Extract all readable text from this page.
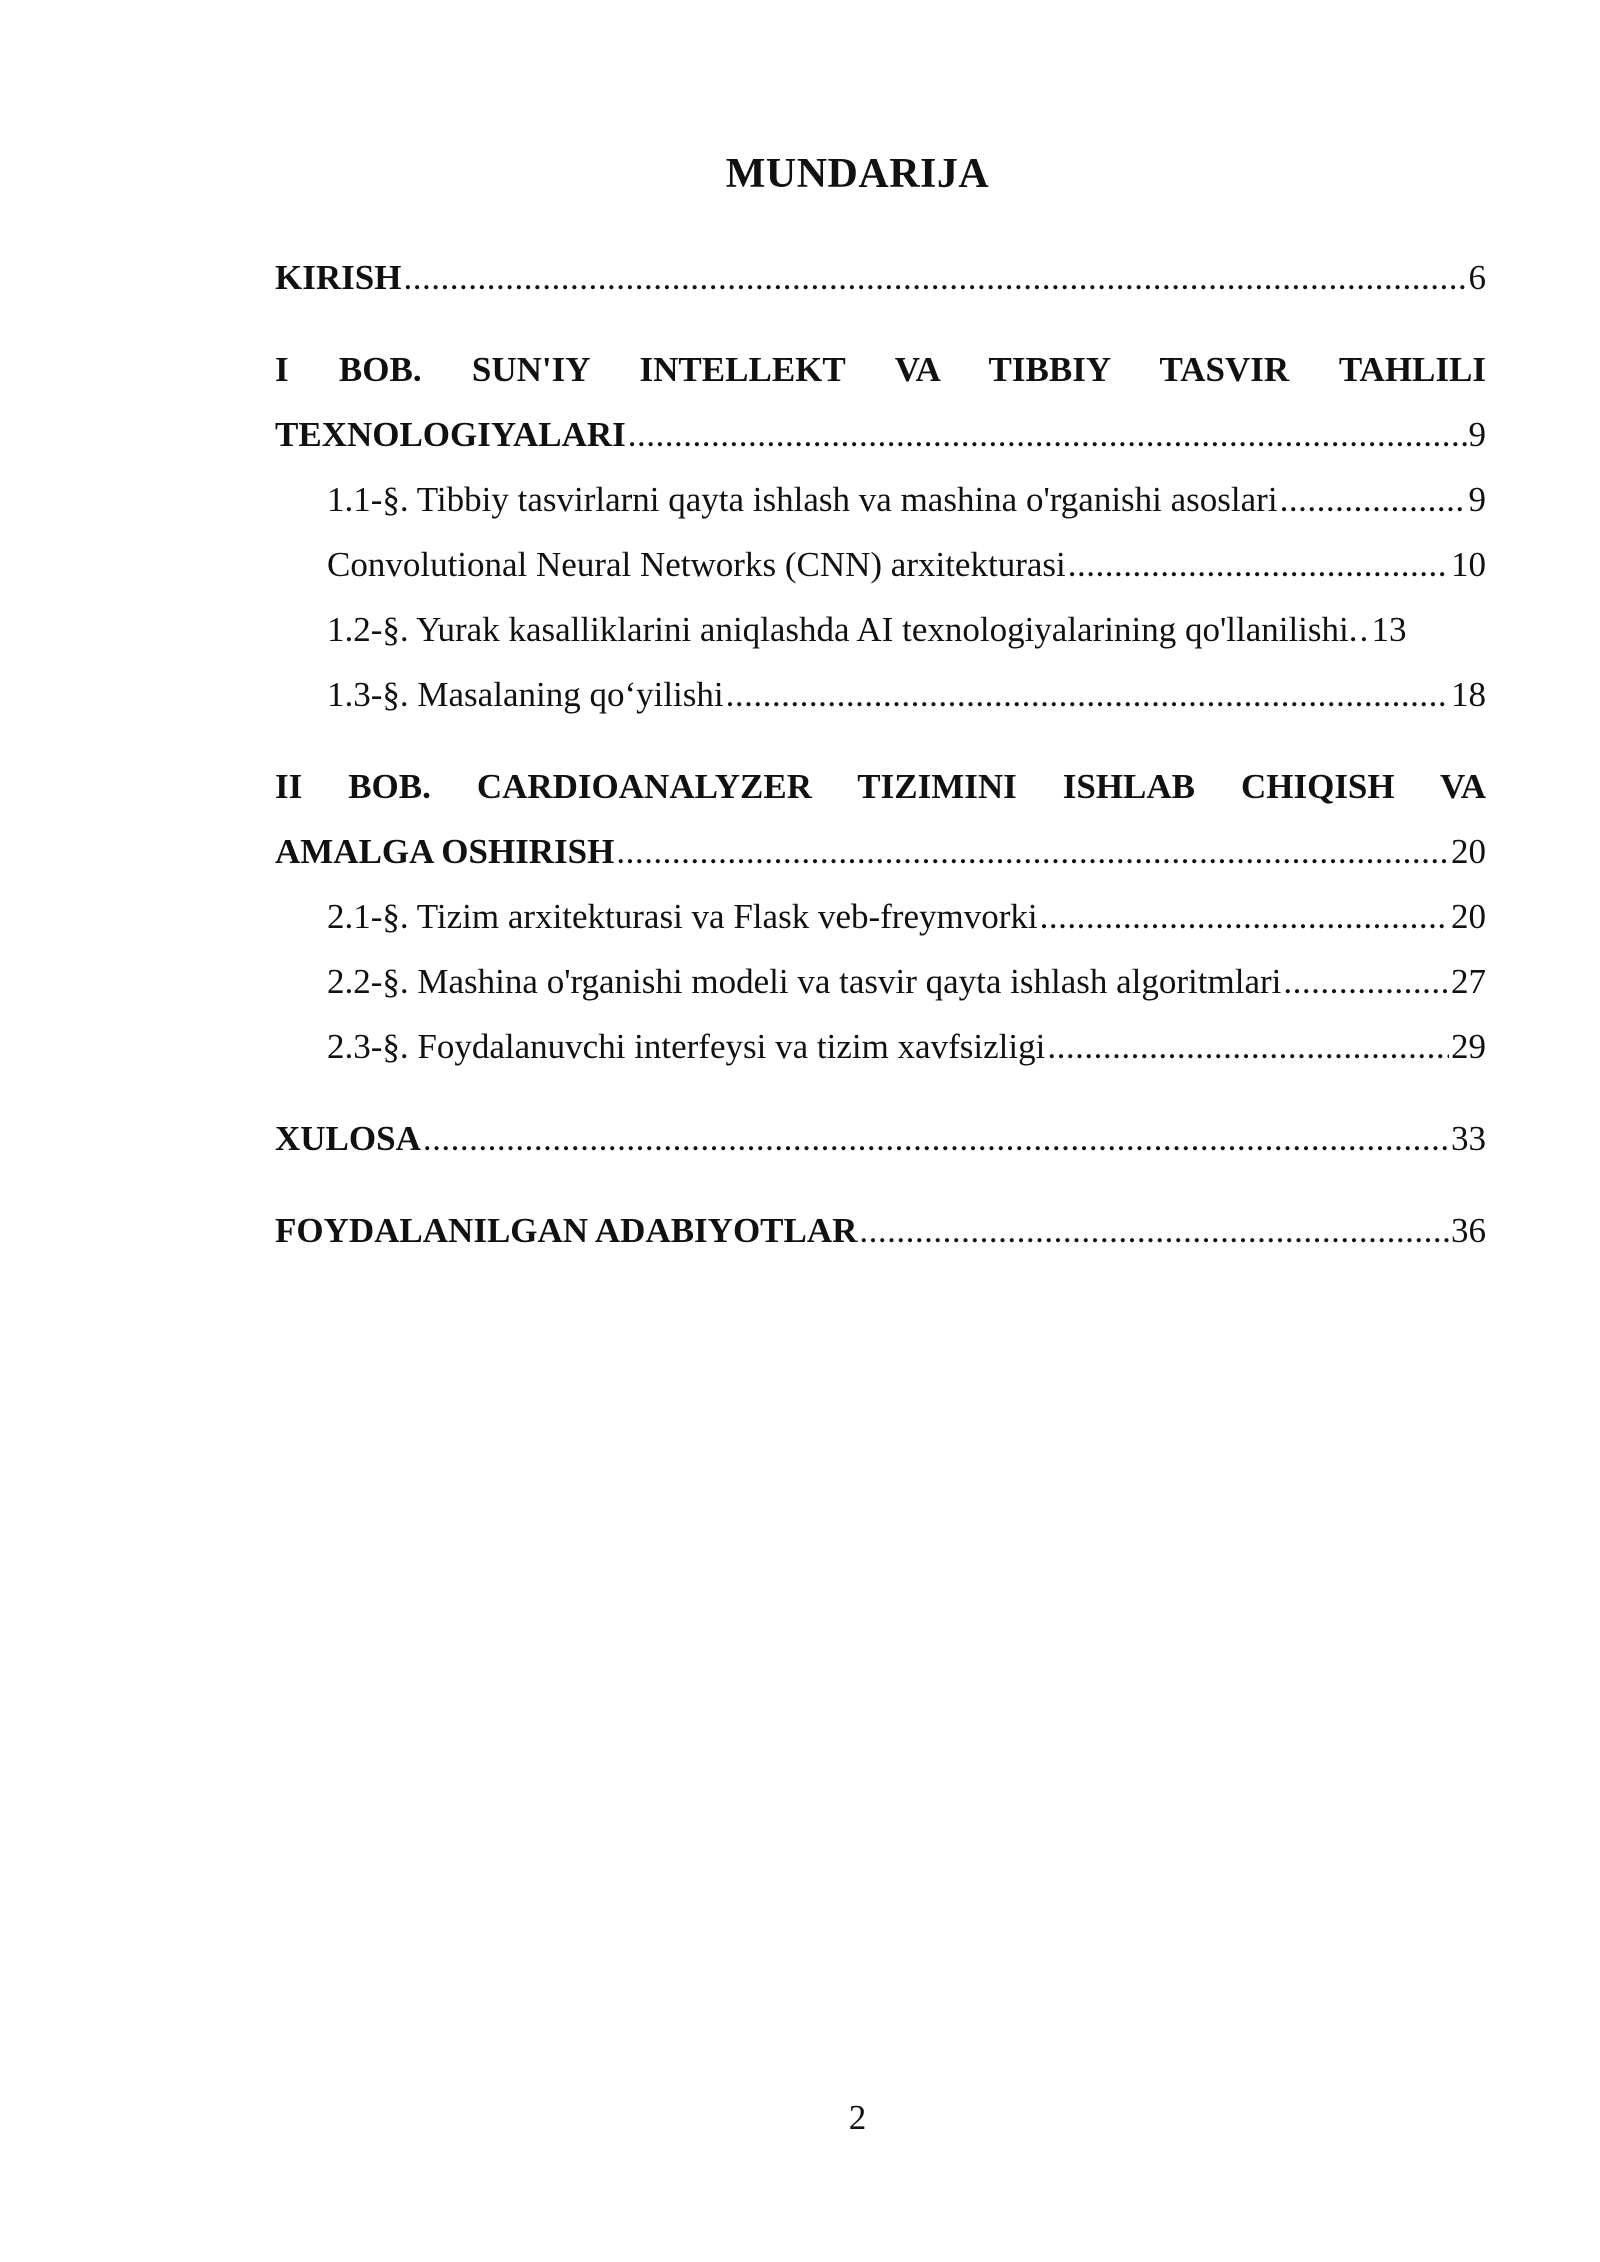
MUNDARIJA
KIRISH .....	6
I BOB. SUN'IY INTELLEKT VA TIBBIY TASVIR TAHLILI
TEXNOLOGIYALARI .....	9
1.1-§. Tibbiy tasvirlarni qayta ishlash va mashina o'rganishi asoslari .....	9
Convolutional Neural Networks (CNN) arxitekturasi .....	10
1.2-§. Yurak kasalliklarini aniqlashda AI texnologiyalarining qo'llanilishi. ..... 13
1.3-§. Masalaning qo‘yilishi .....	18
II BOB. CARDIOANALYZER TIZIMINI ISHLAB CHIQISH VA
AMALGA OSHIRISH .....	20
2.1-§. Tizim arxitekturasi va Flask veb-freymvorki .....	20
2.2-§. Mashina o'rganishi modeli va tasvir qayta ishlash algoritmlari .....	27
2.3-§. Foydalanuvchi interfeysi va tizim xavfsizligi .....	29
XULOSA .....	33
FOYDALANILGAN ADABIYOTLAR .....	36
2
